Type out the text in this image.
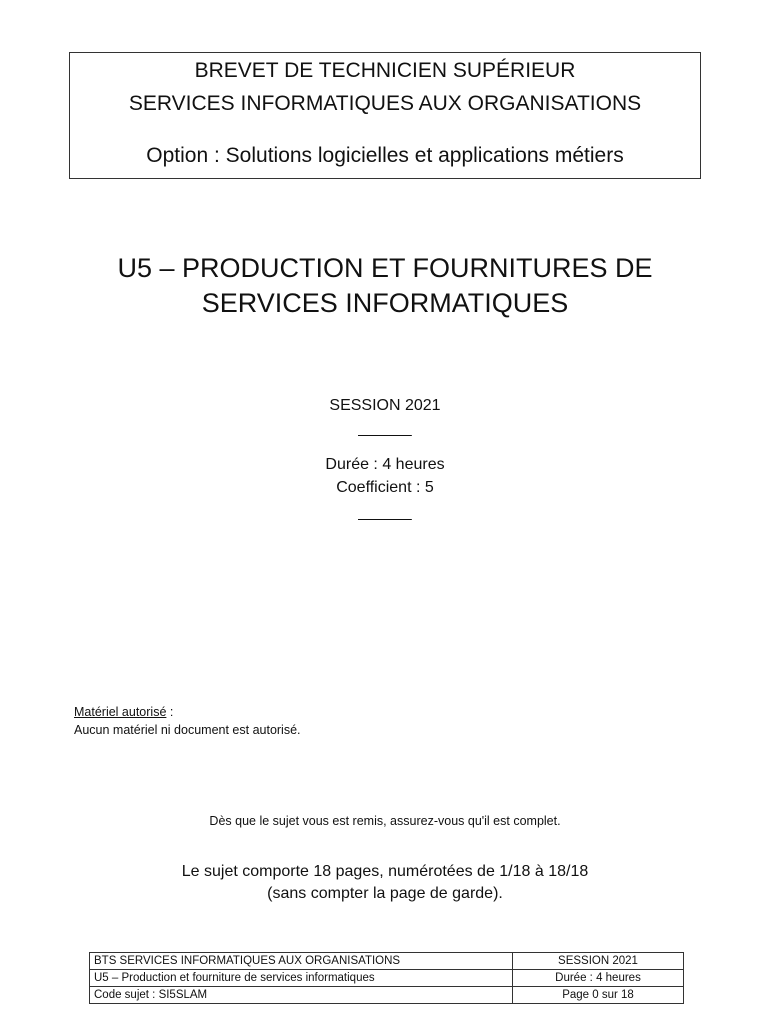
BREVET DE TECHNICIEN SUPÉRIEUR
SERVICES INFORMATIQUES AUX ORGANISATIONS
Option : Solutions logicielles et applications métiers
U5 – PRODUCTION ET FOURNITURES DE
SERVICES INFORMATIQUES
SESSION 2021
______
Durée : 4 heures
Coefficient : 5
______
Matériel autorisé :
Aucun matériel ni document est autorisé.
Dès que le sujet vous est remis, assurez-vous qu'il est complet.
Le sujet comporte 18 pages, numérotées de 1/18 à 18/18
(sans compter la page de garde).
BTS SERVICES INFORMATIQUES AUX ORGANISATIONS	SESSION 2021
U5 – Production et fourniture de services informatiques	Durée : 4 heures
Code sujet : SI5SLAM	Page 0 sur 18
